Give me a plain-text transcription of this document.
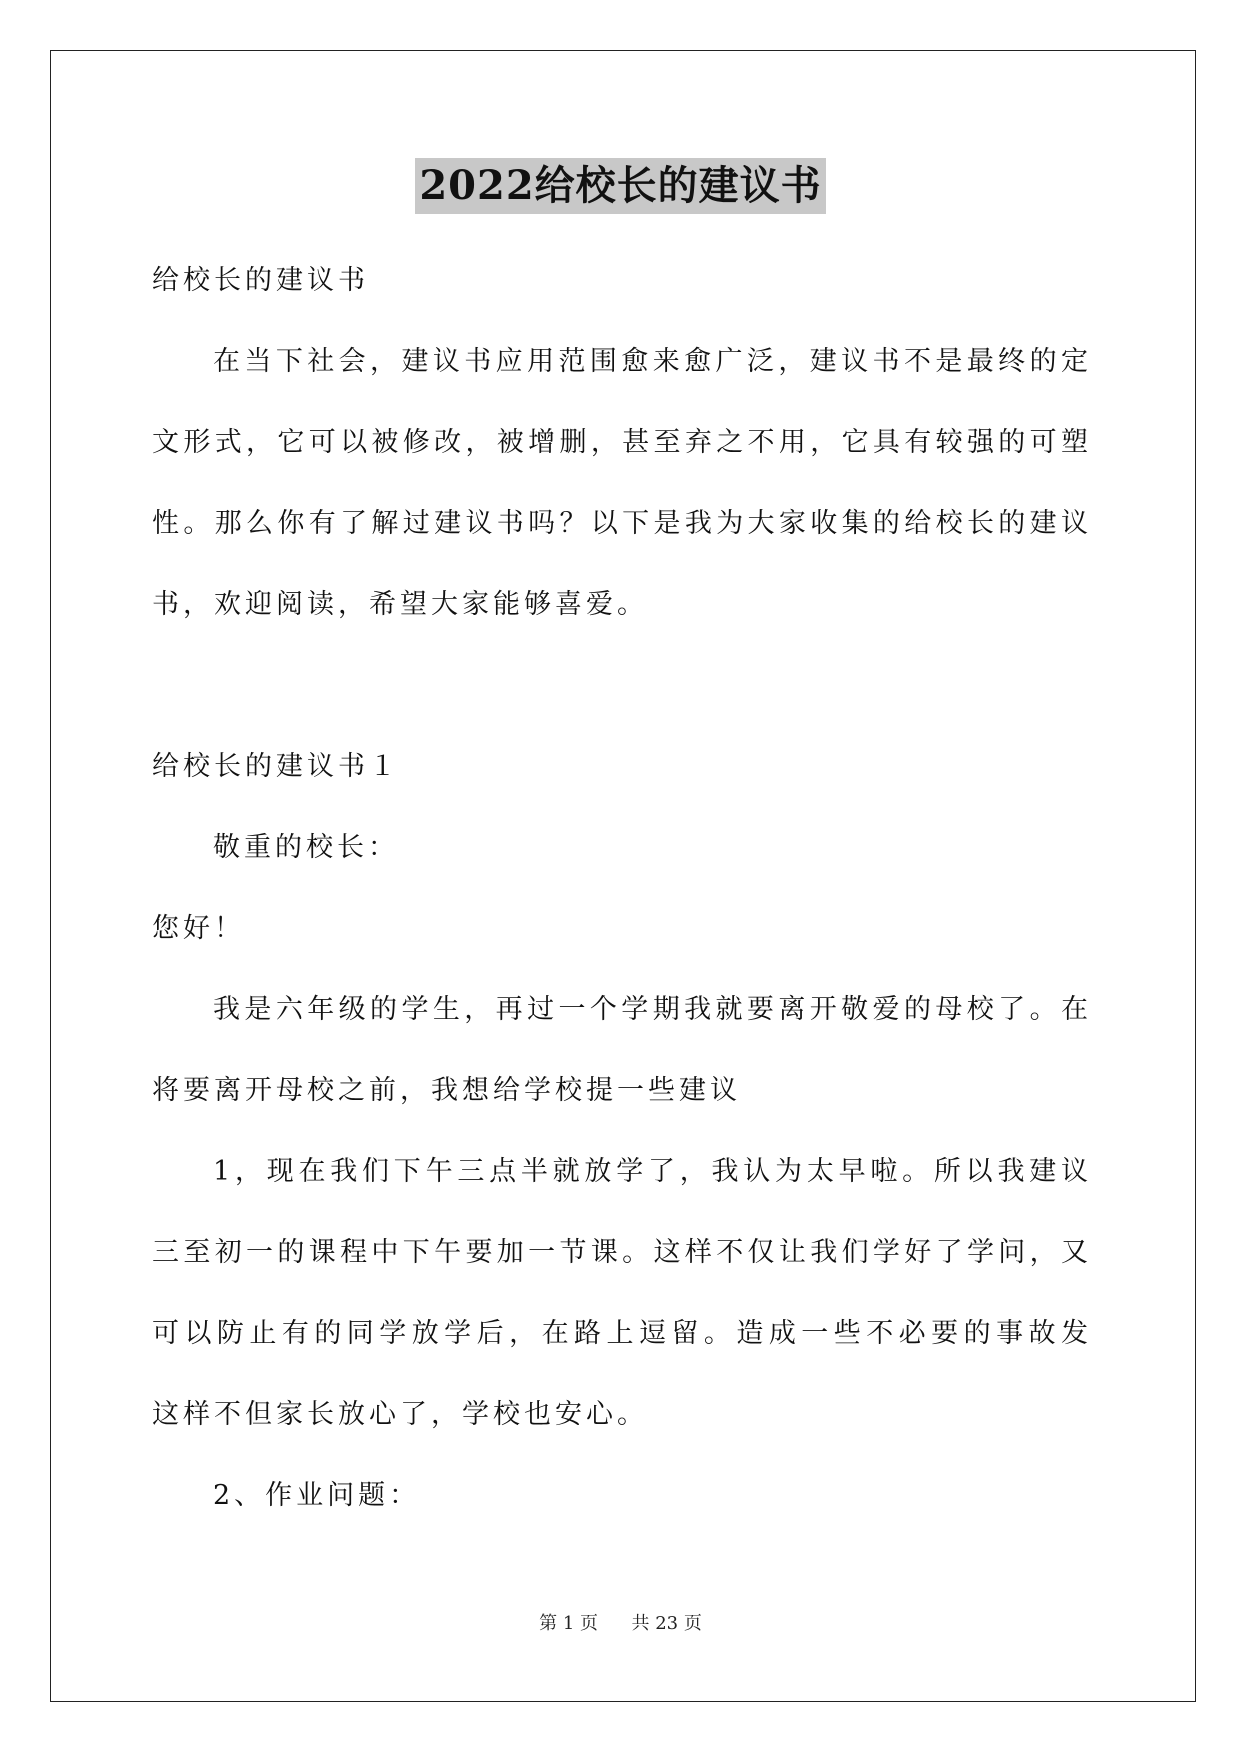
2022给校长的建议书
给校长的建议书
在当下社会，建议书应用范围愈来愈广泛，建议书不是最终的定
文形式，它可以被修改，被增删，甚至弃之不用，它具有较强的可塑
性。那么你有了解过建议书吗？以下是我为大家收集的给校长的建议
书，欢迎阅读，希望大家能够喜爱。
给校长的建议书１
敬重的校长：
您好！
我是六年级的学生，再过一个学期我就要离开敬爱的母校了。在
将要离开母校之前，我想给学校提一些建议
1，现在我们下午三点半就放学了，我认为太早啦。所以我建议
三至初一的课程中下午要加一节课。这样不仅让我们学好了学问，又
可以防止有的同学放学后，在路上逗留。造成一些不必要的事故发
这样不但家长放心了，学校也安心。
2、作业问题：
第 1 页 共 23 页
